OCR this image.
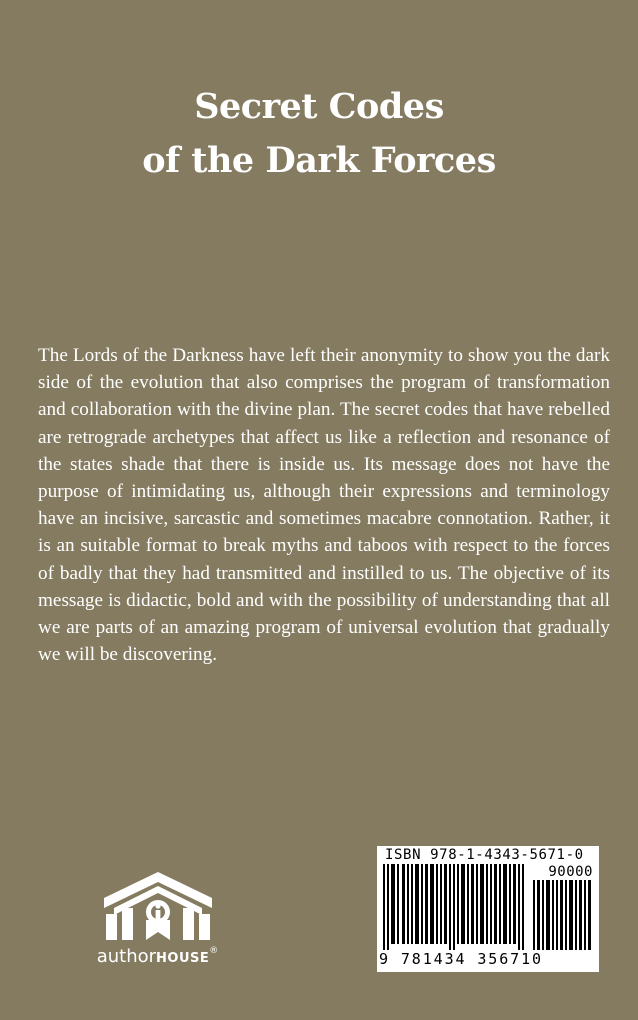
Secret Codes
of the Dark Forces

The Lords of the Darkness have left their anonymity to show you the dark side of the evolution that also comprises the program of transformation and collaboration with the divine plan. The secret codes that have rebelled are retrograde archetypes that affect us like a reflection and resonance of the states shade that there is inside us. Its message does not have the purpose of intimidating us, although their expressions and terminology have an incisive, sarcastic and sometimes macabre connotation. Rather, it is an suitable format to break myths and taboos with respect to the forces of badly that they had transmitted and instilled to us. The objective of its message is didactic, bold and with the possibility of understanding that all we are parts of an amazing program of universal evolution that gradually we will be discovering.

authorHOUSE®
ISBN 978-1-4343-5671-0
90000
9 781434 356710
